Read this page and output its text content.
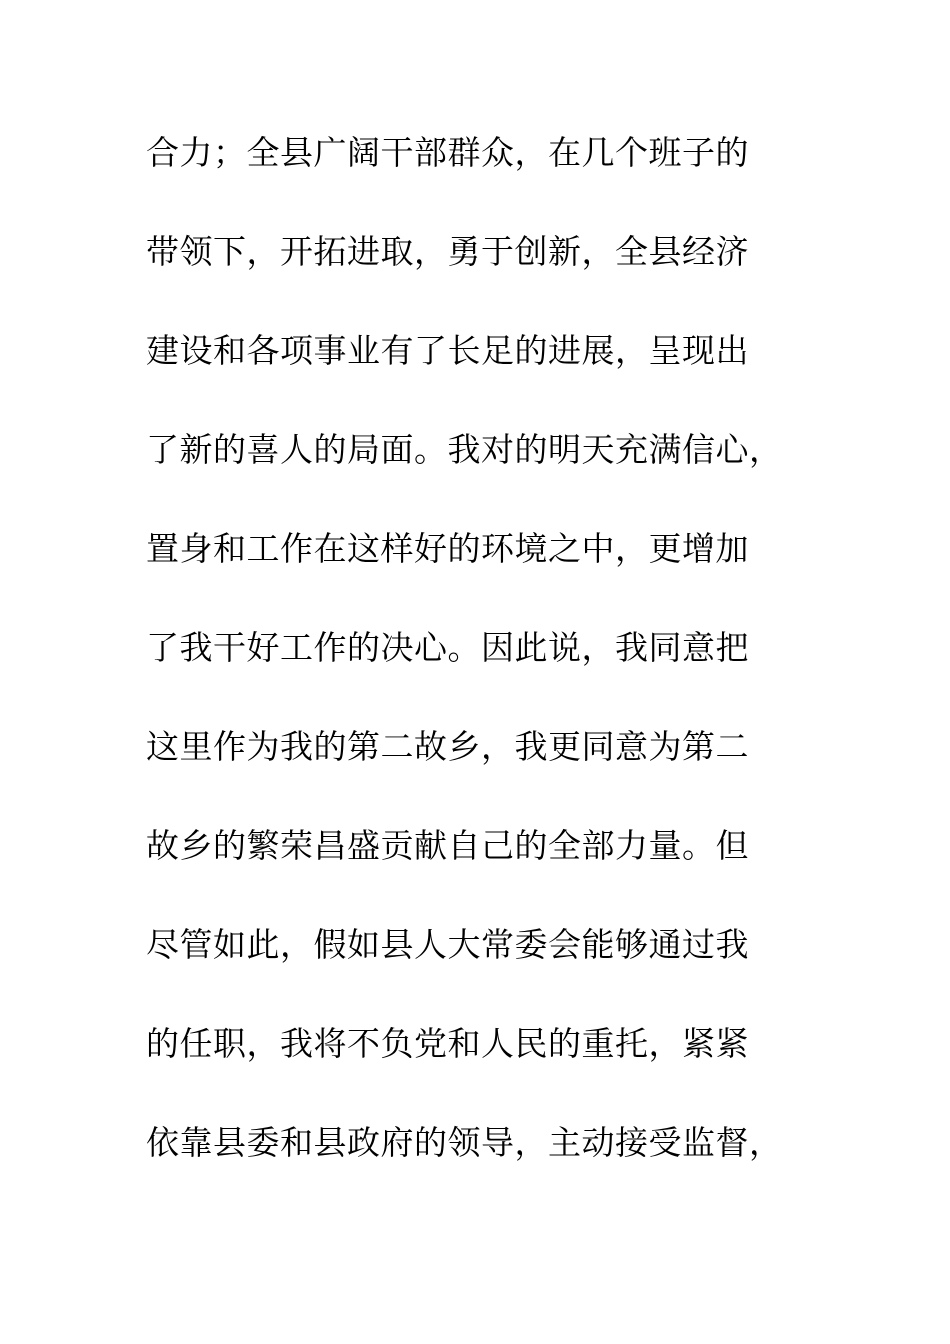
合力；全县广阔干部群众，在几个班子的
带领下，开拓进取，勇于创新，全县经济
建设和各项事业有了长足的进展，呈现出
了新的喜人的局面。我对的明天充满信心，
置身和工作在这样好的环境之中，更增加
了我干好工作的决心。因此说，我同意把
这里作为我的第二故乡，我更同意为第二
故乡的繁荣昌盛贡献自己的全部力量。但
尽管如此，假如县人大常委会能够通过我
的任职，我将不负党和人民的重托，紧紧
依靠县委和县政府的领导，主动接受监督，
